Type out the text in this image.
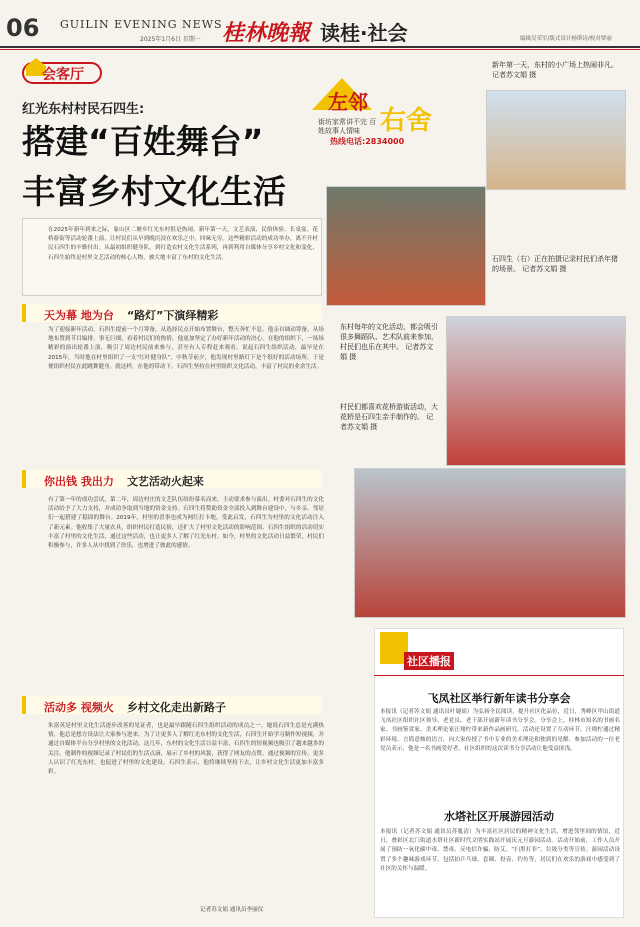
06 GUILIN EVENING NEWS
2025年1月6日 星期一 桂林晚報 读桂·社会	编辑吴荣军/版式设计杨斯诗/校对覃丽
会客厅
红光东村村民石四生:
搭建“百姓舞台”
丰富乡村文化生活
左邻
右舍
街坊家常讲不完 百姓故事人情味
热线电话:2834000
在2025年新年到来之际，象山区二塘乡红光东村很是热闹。新年第一天，文艺表演、民俗体验、长桌宴、花桥游街等活动轮番上演，让村民们从早到晚沉浸在欢乐之中，回味无穷。这些精彩活动的成功举办，离不开村民石四生的辛勤付出。从最初组织健身队，到打造农村文化生活系列，再到利用自媒体分享乡村文化和变化，石四生始终是村里文艺活动的核心人物，被大地丰富了东村的文化生活。
天为幕 地为台 “路灯”下演绎精彩
为了迎接新年活动，石四生提前一个月筹备，从选择民点开始布置舞台，整天奔忙不息。他亲自调动筹备，从场地布置到节目编排，事无巨细。看着村民们的热情，他更加坚定了办好新年活动的决心。在他的组织下，一场场精彩的演出轮番上演，吸引了周边村民前来参与，甚至有人专程赶来观看。说起石四生组织活动，最早是在2015年，当时他在村里组织了一支“红叶健身队”，中秋节前夕，他发现村里路灯下是个很好的活动场所，于是便组织村民在此跳舞健身。就这样，在他的带动下，石四生坚持在村里组织文化活动，丰富了村民的业余生活。
你出钱 我出力 文艺活动火起来
有了第一年的成功尝试，第二年，周边村庄的文艺队伍纷纷慕名而来，主动要求参与演出。村委对石四生的文化活动给予了大力支持，并成功争取到当地的资金支持。石四生将赞助资金全部投入到舞台建设中，与乡亲、邻居们一起搭建了稳固的舞台。2019年，村里的喜事也成为网红打卡地，受此启发，石四生为村里的文化活动注入了新元素。他收集了大量农具，组织村民打造民俗，还扩大了村里文化活动的影响范围。石四生组织的活动切实丰富了村里的文化生活，通过这些活动，也让更多人了解了红光东村。如今，村里的文化活动日益繁荣，村民们积极参与，许多人从中找到了快乐，也增进了彼此的感情。
活动多 视频火 乡村文化走出新路子
朱富英是村里文化生活逐步改善的见证者，也是最早跟随石四生组织活动的成员之一。她说石四生总是充满热情，他总是想方设法让大家参与进来。为了让更多人了解红光东村的文化生活，石四生开始学习制作短视频，并通过自媒体平台分享村里的文化活动。这几年，东村的文化生活日益丰富，石四生的短视频也吸引了越来越多的关注。他制作的视频记录了村民们的生活点滴，展示了乡村的风貌，获得了网友的点赞。通过视频的宣传，更多人认识了红光东村，也促进了村里的文化建设。石四生表示，他将继续坚持下去，让乡村文化生活更加丰富多彩。
记者苏文娟 通讯员李丽仪
新年第一天，东村的小广场上热闹非凡。 记者苏文娟 摄
石四生（右）正在拍摄记录村民们杀年猪的场景。 记者苏文娟 摄
东村每年的文化活动，都会吸引很多舞蹈队、艺术队前来参加，村民们也乐在其中。 记者苏文娟 摄
村民们都喜欢花桥游街活动，大花轿是石四生亲手制作的。 记者苏文娟 摄
社区播报
飞凤社区举行新年读书分享会
本报讯（记者苏文娟 通讯员叶婕瑶）为弘扬全民阅读，提升社区化品位，近日，秀峰区甲山街道飞凤社区组织社区领导、老党员、老干部开展新年读书分享会。分享会上，桂林市知名的书画名家、书画鉴赏家、美术理论家汪翔柠带来新作品画研究。活动还设置了互动环节，汪翔柠通过精彩环境、言简意赅的语言，向大家传授了书中专业的美术理论和独到的见解。参加活动的一位老党员表示，他是一名书画爱好者，社区组织的这次读书分享活动让他受益匪浅。
水塔社区开展游园活动
本报讯（记者苏文娟 通讯员苏胤清）为丰富社区居民的精神文化生活，增进邻里间的情谊，近日，叠彩区北门街道水塔社区新时代文明实践站开展庆元旦游园活动。活动开始前，工作人员开展了预防一氧化碳中毒、禁毒、反电信诈骗、防艾、“扫黑打非”、垃圾分类等宣传。游园活动设置了多个趣味游戏环节，包括拍乒乓球、套圈、投壶、钓鱼等，居民们在欢乐的游戏中感受到了社区的关怀与温暖。
